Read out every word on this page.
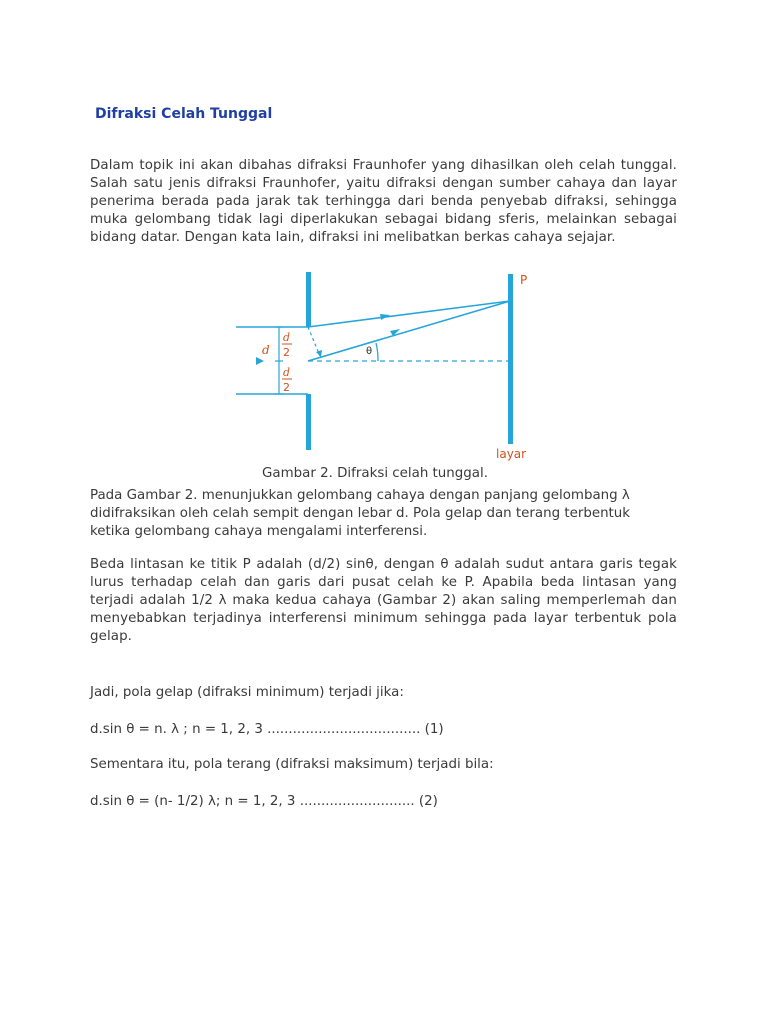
Difraksi Celah Tunggal

Dalam topik ini akan dibahas difraksi Fraunhofer yang dihasilkan oleh celah tunggal. Salah satu jenis difraksi Fraunhofer, yaitu difraksi dengan sumber cahaya dan layar penerima berada pada jarak tak terhingga dari benda penyebab difraksi, sehingga muka gelombang tidak lagi diperlakukan sebagai bidang sferis, melainkan sebagai bidang datar. Dengan kata lain, difraksi ini melibatkan berkas cahaya sejajar.

P
layar
d
d
2
d
2
θ

Gambar 2. Difraksi celah tunggal.

Pada Gambar 2. menunjukkan gelombang cahaya dengan panjang gelombang λ
didifraksikan oleh celah sempit dengan lebar d. Pola gelap dan terang terbentuk
ketika gelombang cahaya mengalami interferensi.

Beda lintasan ke titik P adalah (d/2) sinθ, dengan θ adalah sudut antara garis tegak lurus terhadap celah dan garis dari pusat celah ke P. Apabila beda lintasan yang terjadi adalah 1/2 λ maka kedua cahaya (Gambar 2) akan saling memperlemah dan menyebabkan terjadinya interferensi minimum sehingga pada layar terbentuk pola gelap.

Jadi, pola gelap (difraksi minimum) terjadi jika:

d.sin θ = n. λ ; n = 1, 2, 3 .................................... (1)

Sementara itu, pola terang (difraksi maksimum) terjadi bila:

d.sin θ = (n- 1/2) λ; n = 1, 2, 3 ........................... (2)
